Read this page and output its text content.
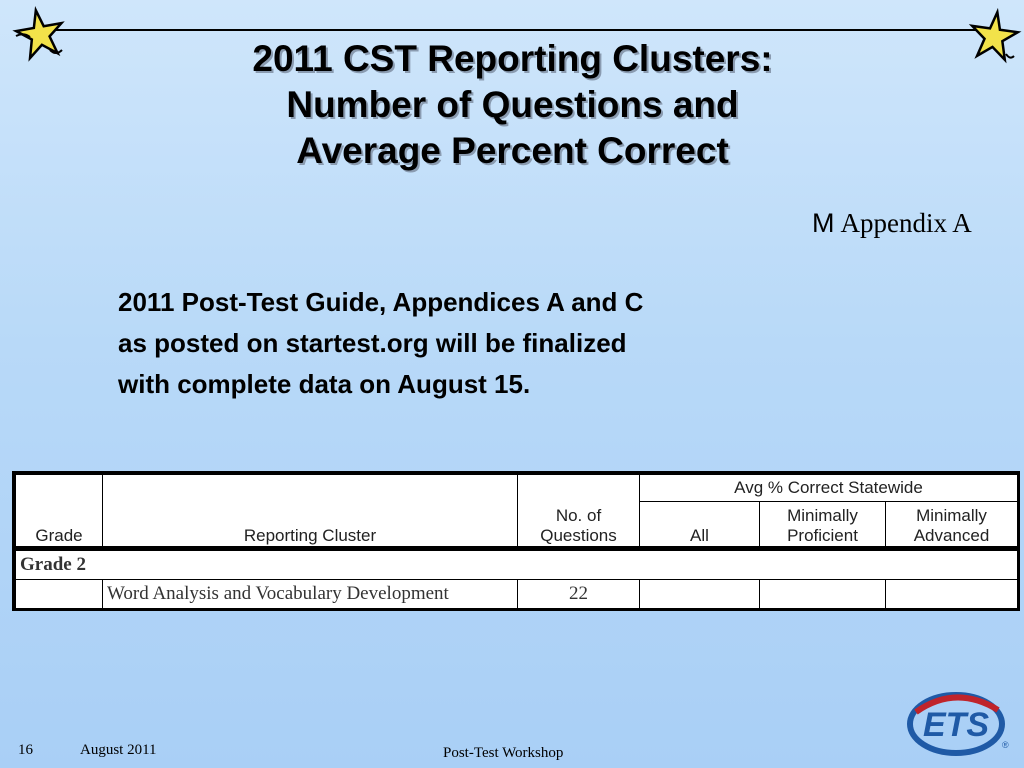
2011 CST Reporting Clusters:
Number of Questions and
Average Percent Correct
M Appendix A
2011 Post-Test Guide, Appendices A and C
as posted on startest.org will be finalized
with complete data on August 15.
Grade	Reporting Cluster	No. of Questions	Avg % Correct Statewide		
			All	Minimally Proficient	Minimally Advanced
Grade 2					
	Word Analysis and Vocabulary Development	22			
ETS
®
16	August 2011	Post-Test Workshop
